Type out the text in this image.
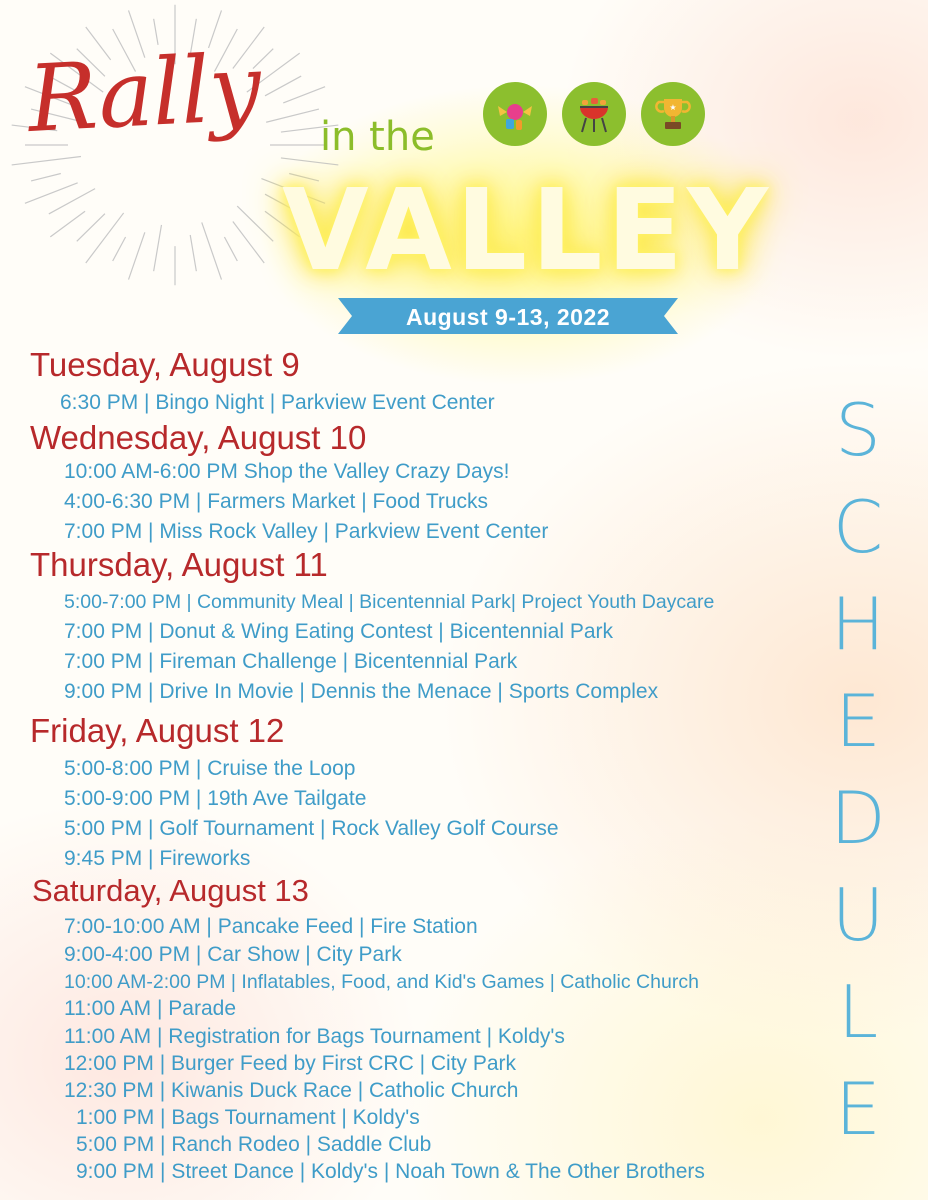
Rally in the
★
VALLEY
August 9-13, 2022
S
C
H
E
D
U
L
E
Tuesday, August 9
6:30 PM | Bingo Night | Parkview Event Center
Wednesday, August 10
10:00 AM-6:00 PM Shop the Valley Crazy Days!
4:00-6:30 PM | Farmers Market | Food Trucks
7:00 PM | Miss Rock Valley | Parkview Event Center
Thursday, August 11
5:00-7:00 PM | Community Meal | Bicentennial Park| Project Youth Daycare
7:00 PM | Donut & Wing Eating Contest | Bicentennial Park
7:00 PM | Fireman Challenge | Bicentennial Park
9:00 PM | Drive In Movie | Dennis the Menace | Sports Complex
Friday, August 12
5:00-8:00 PM | Cruise the Loop
5:00-9:00 PM | 19th Ave Tailgate
5:00 PM | Golf Tournament | Rock Valley Golf Course
9:45 PM | Fireworks
Saturday, August 13
7:00-10:00 AM | Pancake Feed | Fire Station
9:00-4:00 PM | Car Show | City Park
10:00 AM-2:00 PM | Inflatables, Food, and Kid's Games | Catholic Church
11:00 AM | Parade
11:00 AM | Registration for Bags Tournament | Koldy's
12:00 PM | Burger Feed by First CRC | City Park
12:30 PM | Kiwanis Duck Race | Catholic Church
1:00 PM | Bags Tournament | Koldy's
5:00 PM | Ranch Rodeo | Saddle Club
9:00 PM | Street Dance | Koldy's | Noah Town & The Other Brothers
